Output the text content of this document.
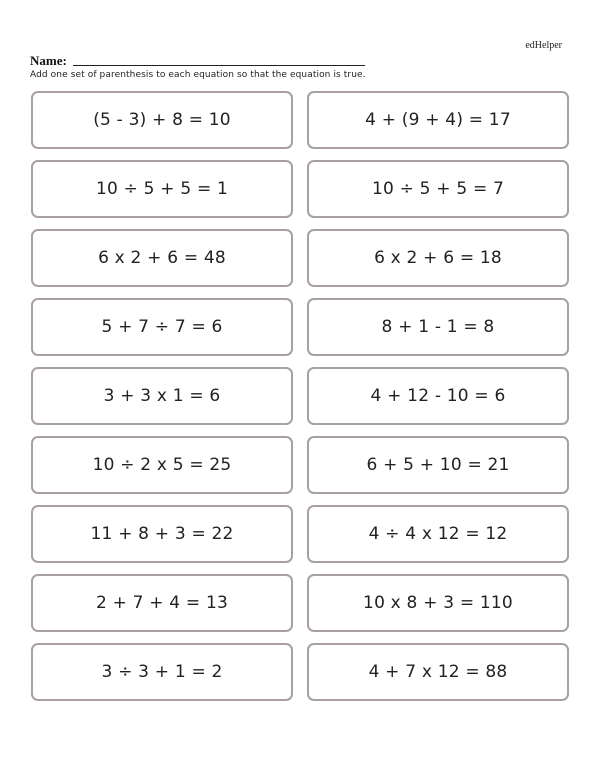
edHelper
Name:
Add one set of parenthesis to each equation so that the equation is true.
(5 - 3) + 8 = 10	4 + (9 + 4) = 17
10 ÷ 5 + 5 = 1	10 ÷ 5 + 5 = 7
6 x 2 + 6 = 48	6 x 2 + 6 = 18
5 + 7 ÷ 7 = 6	8 + 1 - 1 = 8
3 + 3 x 1 = 6	4 + 12 - 10 = 6
10 ÷ 2 x 5 = 25	6 + 5 + 10 = 21
11 + 8 + 3 = 22	4 ÷ 4 x 12 = 12
2 + 7 + 4 = 13	10 x 8 + 3 = 110
3 ÷ 3 + 1 = 2	4 + 7 x 12 = 88
